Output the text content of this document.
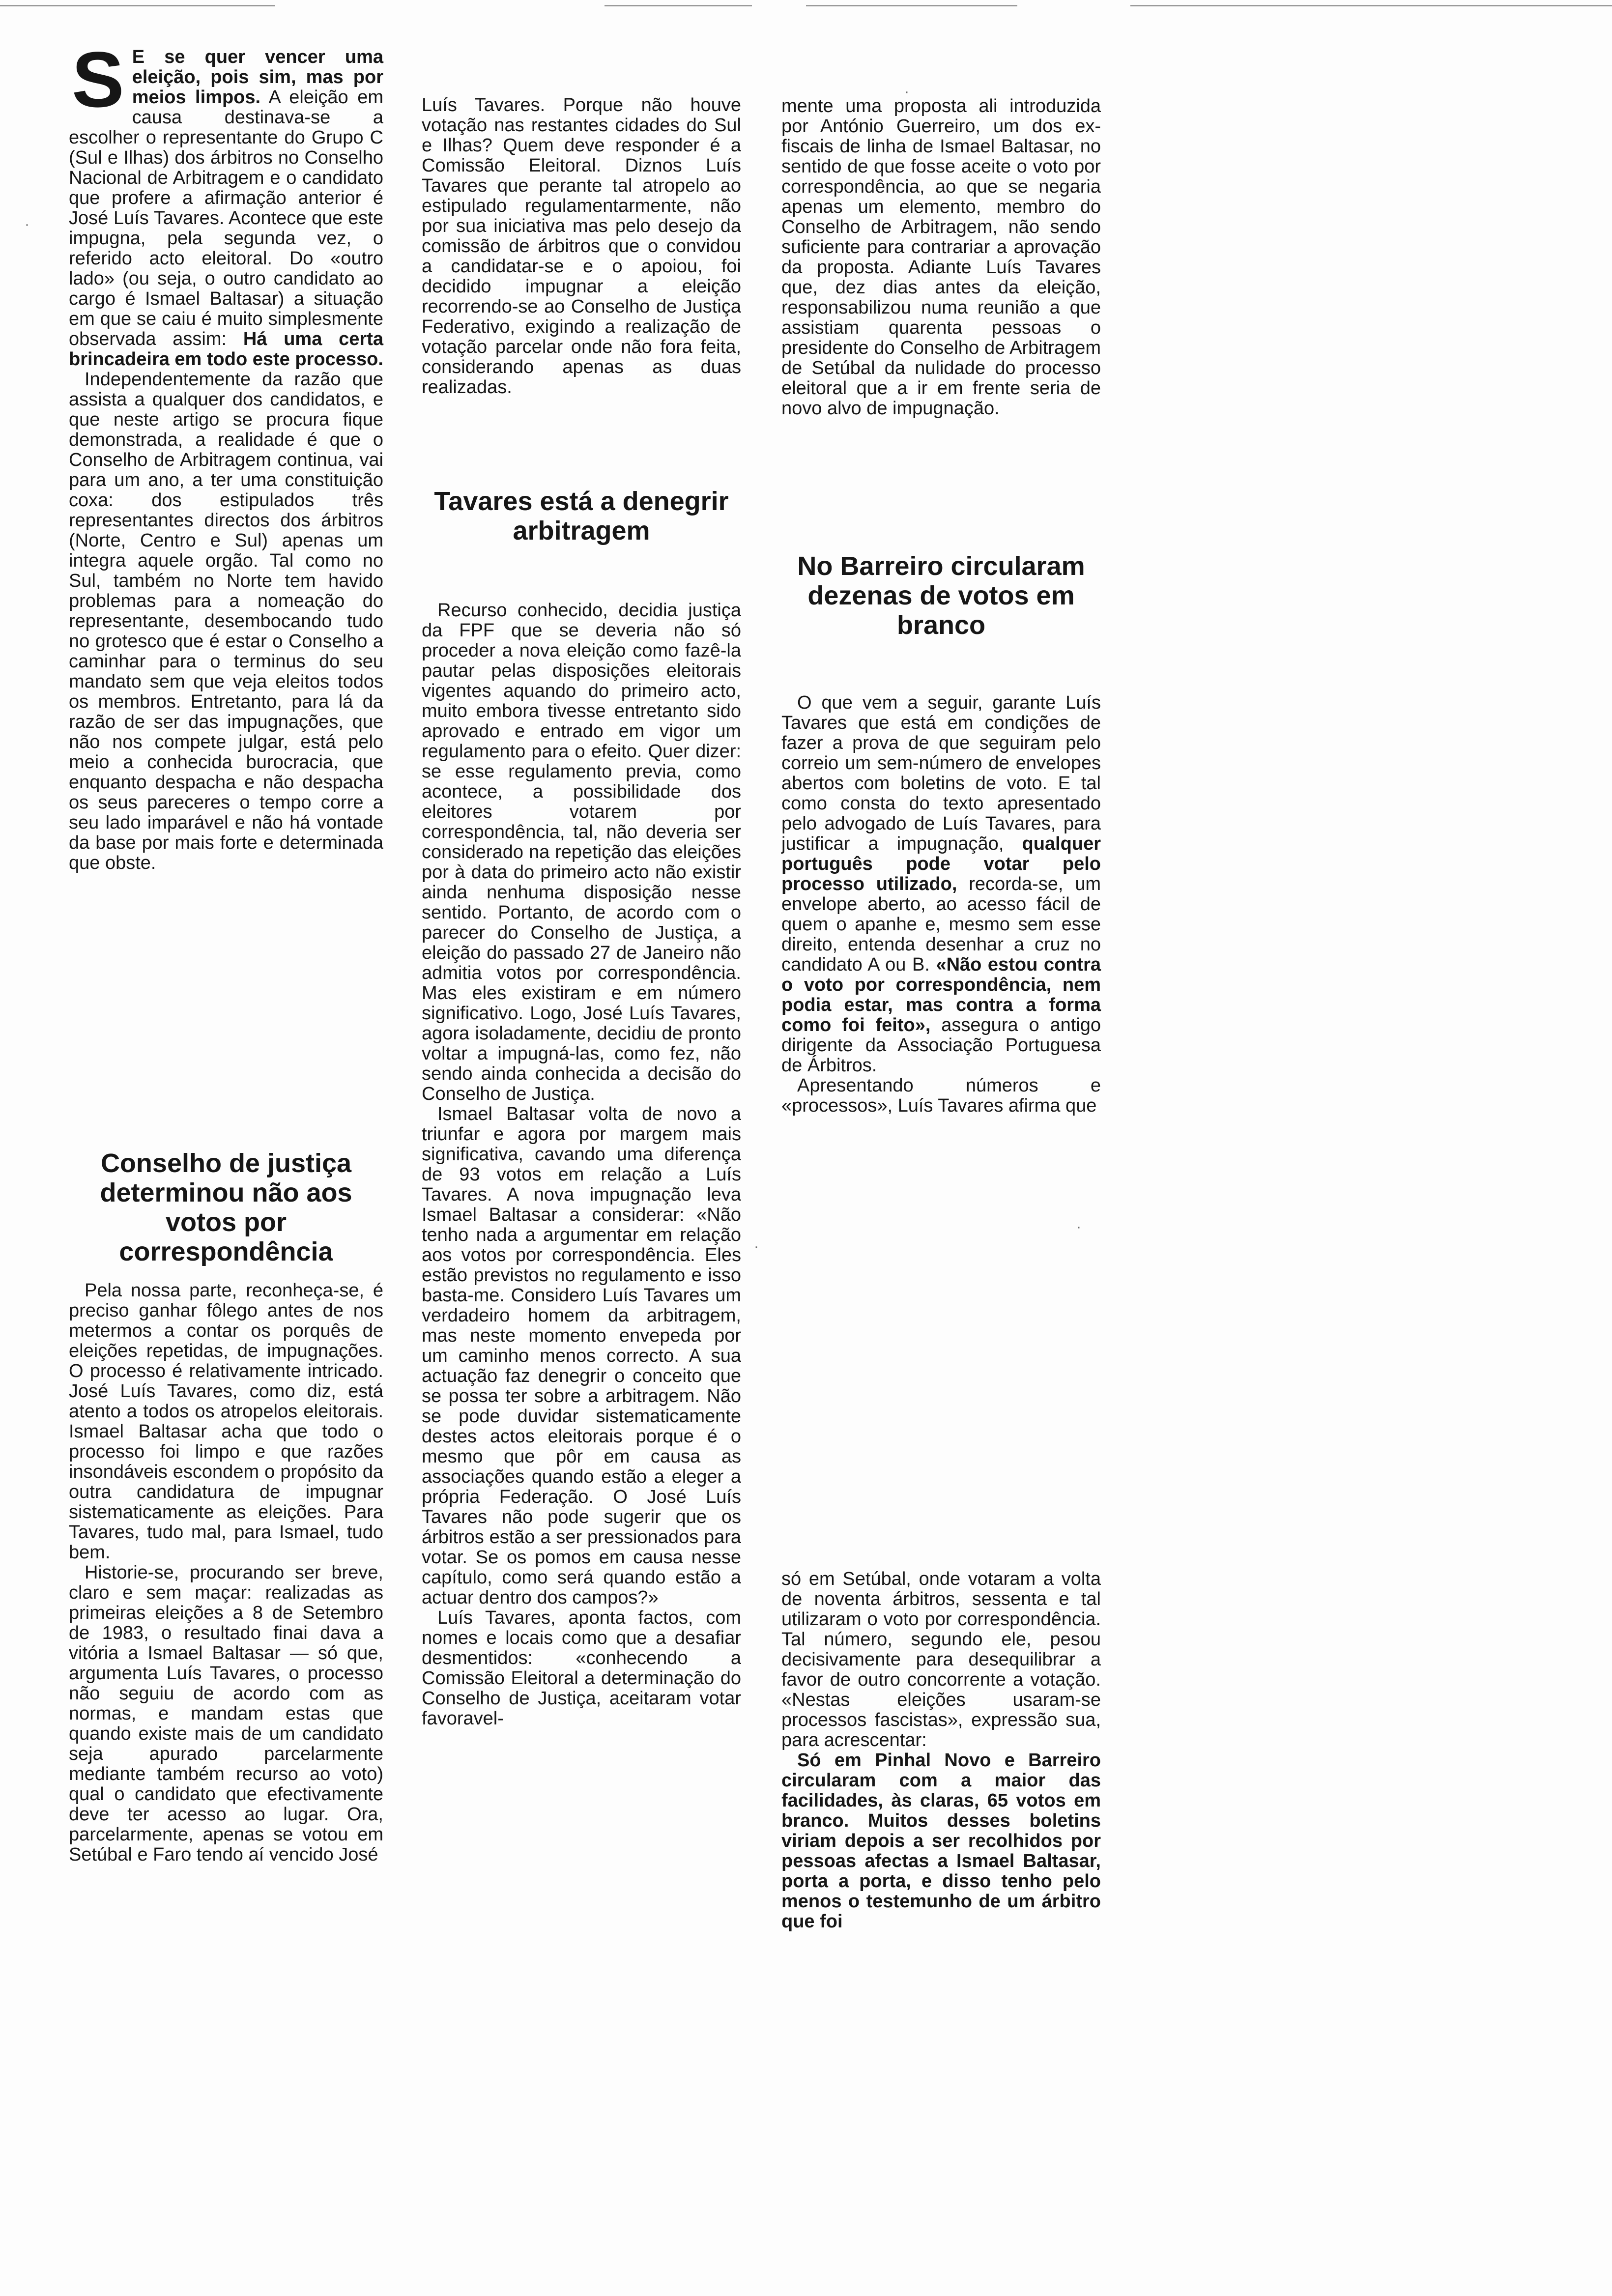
S E se quer vencer uma eleição, pois sim, mas por meios limpos. A eleição em causa destinava-se a escolher o representante do Grupo C (Sul e Ilhas) dos árbitros no Conselho Nacional de Arbitragem e o candidato que profere a afirmação anterior é José Luís Tavares. Acontece que este impugna, pela segunda vez, o referido acto eleitoral. Do «outro lado» (ou seja, o outro candidato ao cargo é Ismael Baltasar) a situação em que se caiu é muito simplesmente observada assim: Há uma certa brincadeira em todo este processo.

Independentemente da razão que assista a qualquer dos candidatos, e que neste artigo se procura fique demonstrada, a realidade é que o Conselho de Arbitragem continua, vai para um ano, a ter uma constituição coxa: dos estipulados três representantes directos dos árbitros (Norte, Centro e Sul) apenas um integra aquele orgão. Tal como no Sul, também no Norte tem havido problemas para a nomeação do representante, desembocando tudo no grotesco que é estar o Conselho a caminhar para o terminus do seu mandato sem que veja eleitos todos os membros. Entretanto, para lá da razão de ser das impugnações, que não nos compete julgar, está pelo meio a conhecida burocracia, que enquanto despacha e não despacha os seus pareceres o tempo corre a seu lado imparável e não há vontade da base por mais forte e determinada que obste.

Conselho de justiça determinou não aos votos por correspondência

Pela nossa parte, reconheça-se, é preciso ganhar fôlego antes de nos metermos a contar os porquês de eleições repetidas, de impugnações. O processo é relativamente intricado. José Luís Tavares, como diz, está atento a todos os atropelos eleitorais. Ismael Baltasar acha que todo o processo foi limpo e que razões insondáveis escondem o propósito da outra candidatura de impugnar sistematicamente as eleições. Para Tavares, tudo mal, para Ismael, tudo bem.

Historie-se, procurando ser breve, claro e sem maçar: realizadas as primeiras eleições a 8 de Setembro de 1983, o resultado finai dava a vitória a Ismael Baltasar — só que, argumenta Luís Tavares, o processo não seguiu de acordo com as normas, e mandam estas que quando existe mais de um candidato seja apurado parcelarmente mediante também recurso ao voto) qual o candidato que efectivamente deve ter acesso ao lugar. Ora, parcelarmente, apenas se votou em Setúbal e Faro tendo aí vencido José

Luís Tavares. Porque não houve votação nas restantes cidades do Sul e Ilhas? Quem deve responder é a Comissão Eleitoral. Diznos Luís Tavares que perante tal atropelo ao estipulado regulamentarmente, não por sua iniciativa mas pelo desejo da comissão de árbitros que o convidou a candidatar-se e o apoiou, foi decidido impugnar a eleição recorrendo-se ao Conselho de Justiça Federativo, exigindo a realização de votação parcelar onde não fora feita, considerando apenas as duas realizadas.

Tavares está a denegrir arbitragem

Recurso conhecido, decidia justiça da FPF que se deveria não só proceder a nova eleição como fazê-la pautar pelas disposições eleitorais vigentes aquando do primeiro acto, muito embora tivesse entretanto sido aprovado e entrado em vigor um regulamento para o efeito. Quer dizer: se esse regulamento previa, como acontece, a possibilidade dos eleitores votarem por correspondência, tal, não deveria ser considerado na repetição das eleições por à data do primeiro acto não existir ainda nenhuma disposição nesse sentido. Portanto, de acordo com o parecer do Conselho de Justiça, a eleição do passado 27 de Janeiro não admitia votos por correspondência. Mas eles existiram e em número significativo. Logo, José Luís Tavares, agora isoladamente, decidiu de pronto voltar a impugná-las, como fez, não sendo ainda conhecida a decisão do Conselho de Justiça.

Ismael Baltasar volta de novo a triunfar e agora por margem mais significativa, cavando uma diferença de 93 votos em relação a Luís Tavares. A nova impugnação leva Ismael Baltasar a considerar: «Não tenho nada a argumentar em relação aos votos por correspondência. Eles estão previstos no regulamento e isso basta-me. Considero Luís Tavares um verdadeiro homem da arbitragem, mas neste momento enveреda por um caminho menos correcto. A sua actuação faz denegrir o conceito que se possa ter sobre a arbitragem. Não se pode duvidar sistematicamente destes actos eleitorais porque é o mesmo que pôr em causa as associações quando estão a eleger a própria Federação. O José Luís Tavares não pode sugerir que os árbitros estão a ser pressionados para votar. Se os pomos em causa nesse capítulo, como será quando estão a actuar dentro dos campos?»

Luís Tavares, aponta factos, com nomes e locais como que a desafiar desmentidos: «conhecendo a Comissão Eleitoral a determinação do Conselho de Justiça, aceitaram votar favoravel-

mente uma proposta ali introduzida por António Guerreiro, um dos ex-fiscais de linha de Ismael Baltasar, no sentido de que fosse aceite o voto por correspondência, ao que se negaria apenas um elemento, membro do Conselho de Arbitragem, não sendo suficiente para contrariar a aprovação da proposta. Adiante Luís Tavares que, dez dias antes da eleição, responsabilizou numa reunião a que assistiam quarenta pessoas o presidente do Conselho de Arbitragem de Setúbal da nulidade do processo eleitoral que a ir em frente seria de novo alvo de impugnação.

No Barreiro circularam dezenas de votos em branco

O que vem a seguir, garante Luís Tavares que está em condições de fazer a prova de que seguiram pelo correio um sem-número de envelopes abertos com boletins de voto. E tal como consta do texto apresentado pelo advogado de Luís Tavares, para justificar a impugnação, qualquer português pode votar pelo processo utilizado, recorda-se, um envelope aberto, ao acesso fácil de quem o apanhe e, mesmo sem esse direito, entenda desenhar a cruz no candidato A ou B. «Não estou contra o voto por correspondência, nem podia estar, mas contra a forma como foi feito», assegura o antigo dirigente da Associação Portuguesa de Árbitros.

Apresentando números e «processos», Luís Tavares afirma que

só em Setúbal, onde votaram a volta de noventa árbitros, sessenta e tal utilizaram o voto por correspondência. Tal número, segundo ele, pesou decisivamente para desequilibrar a favor de outro concorrente a votação. «Nestas eleições usaram-se processos fascistas», expressão sua, para acrescentar:

Só em Pinhal Novo e Barreiro circularam com a maior das facilidades, às claras, 65 votos em branco. Muitos desses boletins viriam depois a ser recolhidos por pessoas afectas a Ismael Baltasar, porta a porta, e disso tenho pelo menos o testemunho de um árbitro que foi

·
·
·
·
